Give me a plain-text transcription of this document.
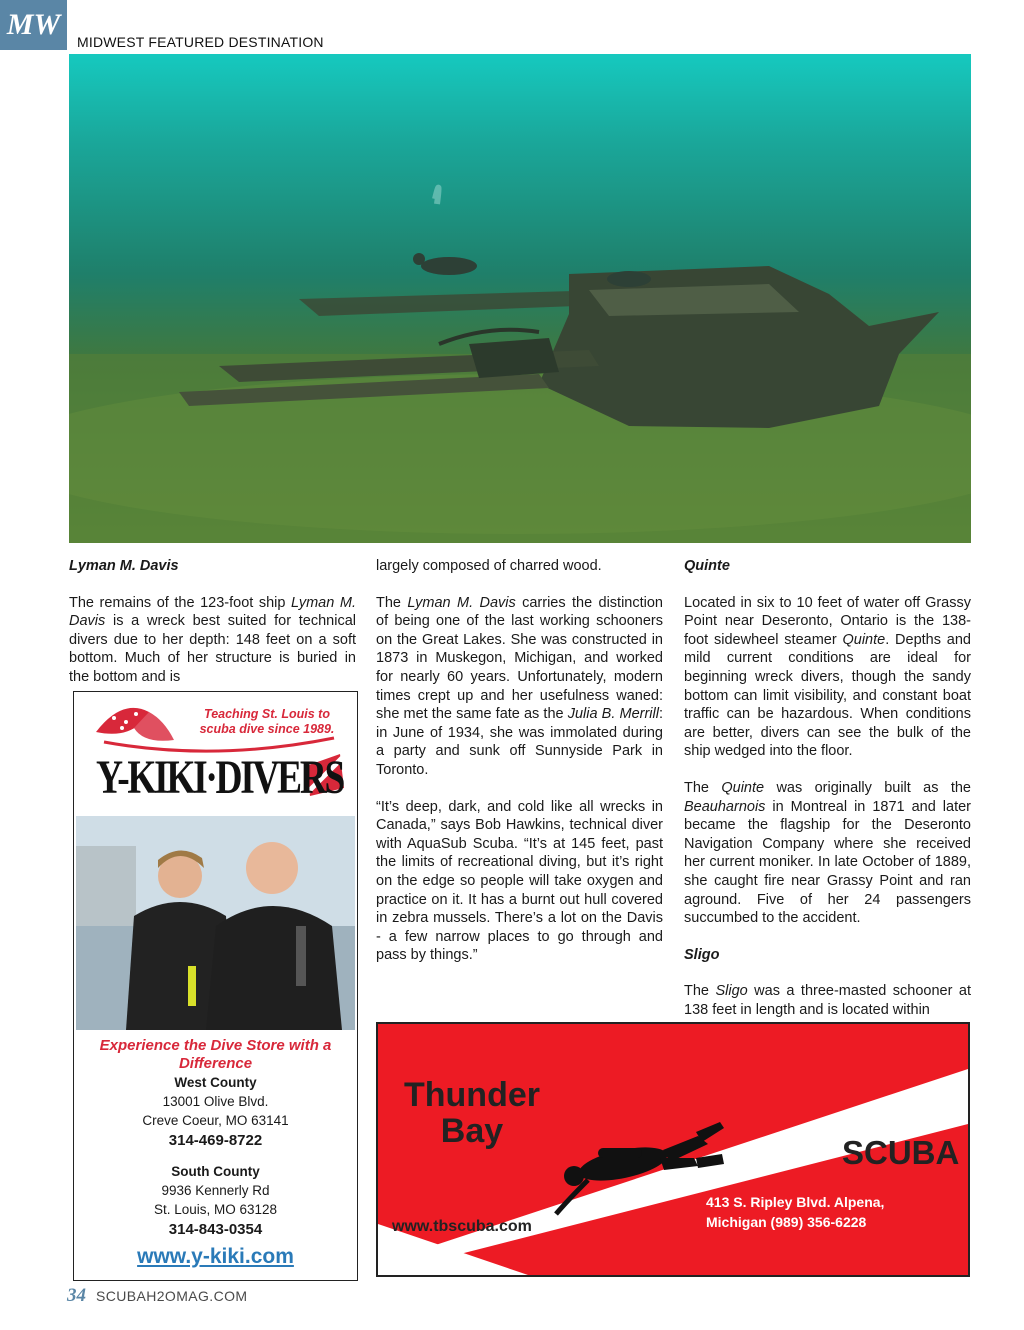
MW
MIDWEST FEATURED DESTINATION

Lyman M. Davis

The remains of the 123-foot ship Lyman M. Davis is a wreck best suited for technical divers due to her depth: 148 feet on a soft bottom. Much of her structure is buried in the bottom and is

largely composed of charred wood.

The Lyman M. Davis carries the distinction of being one of the last working schooners on the Great Lakes. She was constructed in 1873 in Muskegon, Michigan, and worked for nearly 60 years. Unfortunately, modern times crept up and her usefulness waned: she met the same fate as the Julia B. Merrill: in June of 1934, she was immolated during a party and sunk off Sunnyside Park in Toronto.

“It’s deep, dark, and cold like all wrecks in Canada,” says Bob Hawkins, technical diver with AquaSub Scuba. “It’s at 145 feet, past the limits of recreational diving, but it’s right on the edge so people will take oxygen and practice on it. It has a burnt out hull covered in zebra mussels. There’s a lot on the Davis - a few narrow places to go through and pass by things.”

Quinte

Located in six to 10 feet of water off Grassy Point near Deseronto, Ontario is the 138-foot sidewheel steamer Quinte. Depths and mild current conditions are ideal for beginning wreck divers, though the sandy bottom can limit visibility, and constant boat traffic can be hazardous. When conditions are better, divers can see the bulk of the ship wedged into the floor.

The Quinte was originally built as the Beauharnois in Montreal in 1871 and later became the flagship for the Deseronto Navigation Company where she received her current moniker. In late October of 1889, she caught fire near Grassy Point and ran aground. Five of her 24 passengers succumbed to the accident.

Sligo

The Sligo was a three-masted schooner at 138 feet in length and is located within

Teaching St. Louis to scuba dive since 1989.
Y-KIKI·DIVERS
Experience the Dive Store with a Difference
West County
13001 Olive Blvd.
Creve Coeur, MO 63141
314-469-8722
South County
9936 Kennerly Rd
St. Louis, MO 63128
314-843-0354
www.y-kiki.com
Thunder
Bay
SCUBA
413 S. Ripley Blvd. Alpena,
Michigan (989) 356-6228
www.tbscuba.com
34 SCUBAH2OMAG.COM
